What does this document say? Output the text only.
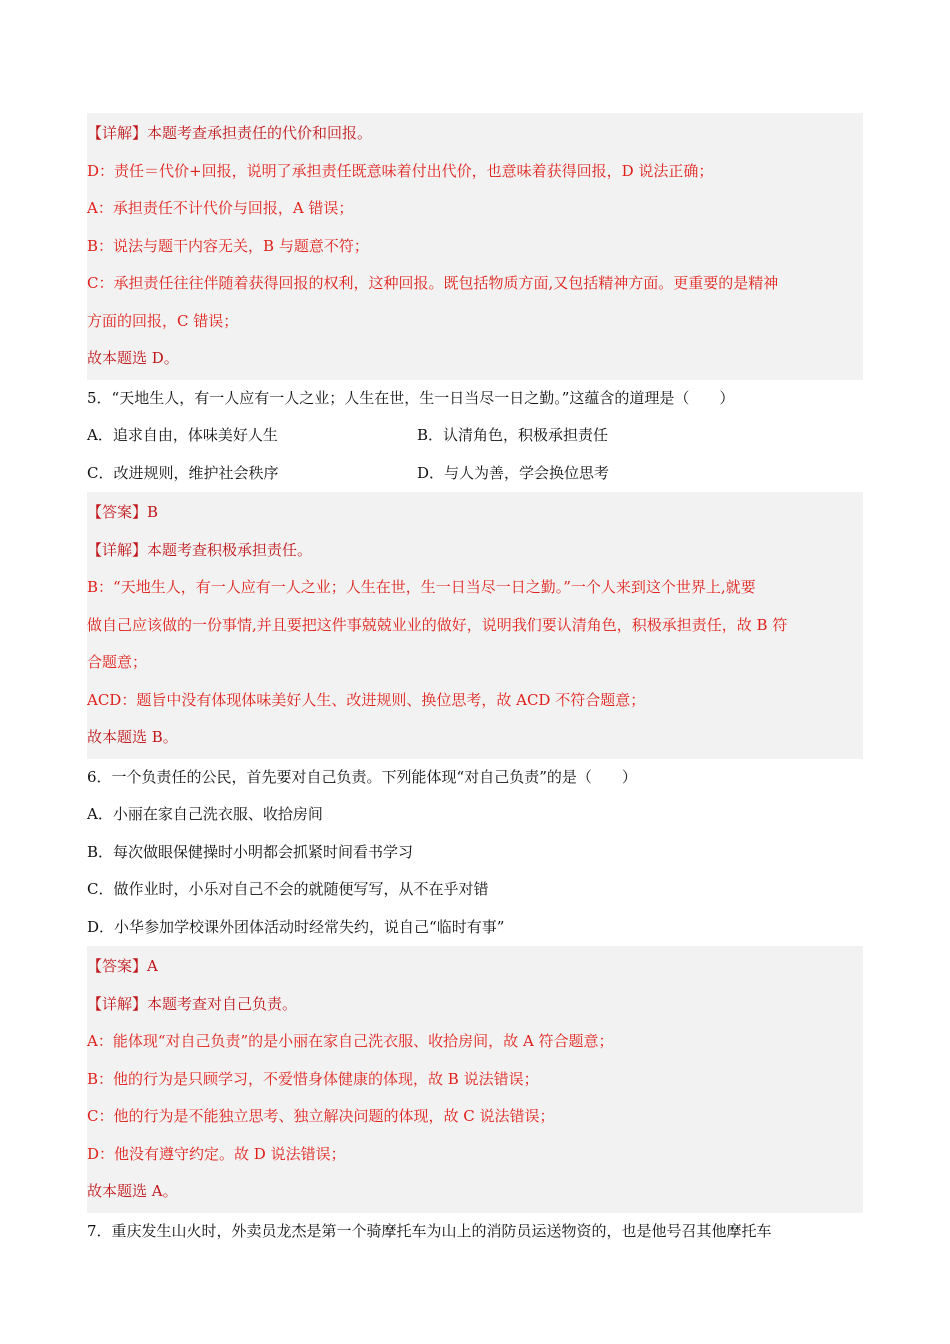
【详解】本题考查承担责任的代价和回报。
D：责任＝代价+回报，说明了承担责任既意味着付出代价，也意味着获得回报，D 说法正确；
A：承担责任不计代价与回报，A 错误；
B：说法与题干内容无关，B 与题意不符；
C：承担责任往往伴随着获得回报的权利，这种回报。既包括物质方面,又包括精神方面。更重要的是精神
方面的回报，C 错误；
故本题选 D。
5．“天地生人，有一人应有一人之业；人生在世，生一日当尽一日之勤。”这蕴含的道理是（　　）
A．追求自由，体味美好人生	B．认清角色，积极承担责任
C．改进规则，维护社会秩序	D．与人为善，学会换位思考
【答案】B
【详解】本题考查积极承担责任。
B：“天地生人，有一人应有一人之业；人生在世，生一日当尽一日之勤。”一个人来到这个世界上,就要
做自己应该做的一份事情,并且要把这件事兢兢业业的做好，说明我们要认清角色，积极承担责任，故 B 符
合题意；
ACD：题旨中没有体现体味美好人生、改进规则、换位思考，故 ACD 不符合题意；
故本题选 B。
6．一个负责任的公民，首先要对自己负责。下列能体现“对自己负责”的是（　　）
A．小丽在家自己洗衣服、收拾房间
B．每次做眼保健操时小明都会抓紧时间看书学习
C．做作业时，小乐对自己不会的就随便写写，从不在乎对错
D．小华参加学校课外团体活动时经常失约，说自己“临时有事”
【答案】A
【详解】本题考查对自己负责。
A：能体现“对自己负责”的是小丽在家自己洗衣服、收拾房间，故 A 符合题意；
B：他的行为是只顾学习，不爱惜身体健康的体现，故 B 说法错误；
C：他的行为是不能独立思考、独立解决问题的体现，故 C 说法错误；
D：他没有遵守约定。故 D 说法错误；
故本题选 A。
7．重庆发生山火时，外卖员龙杰是第一个骑摩托车为山上的消防员运送物资的，也是他号召其他摩托车
